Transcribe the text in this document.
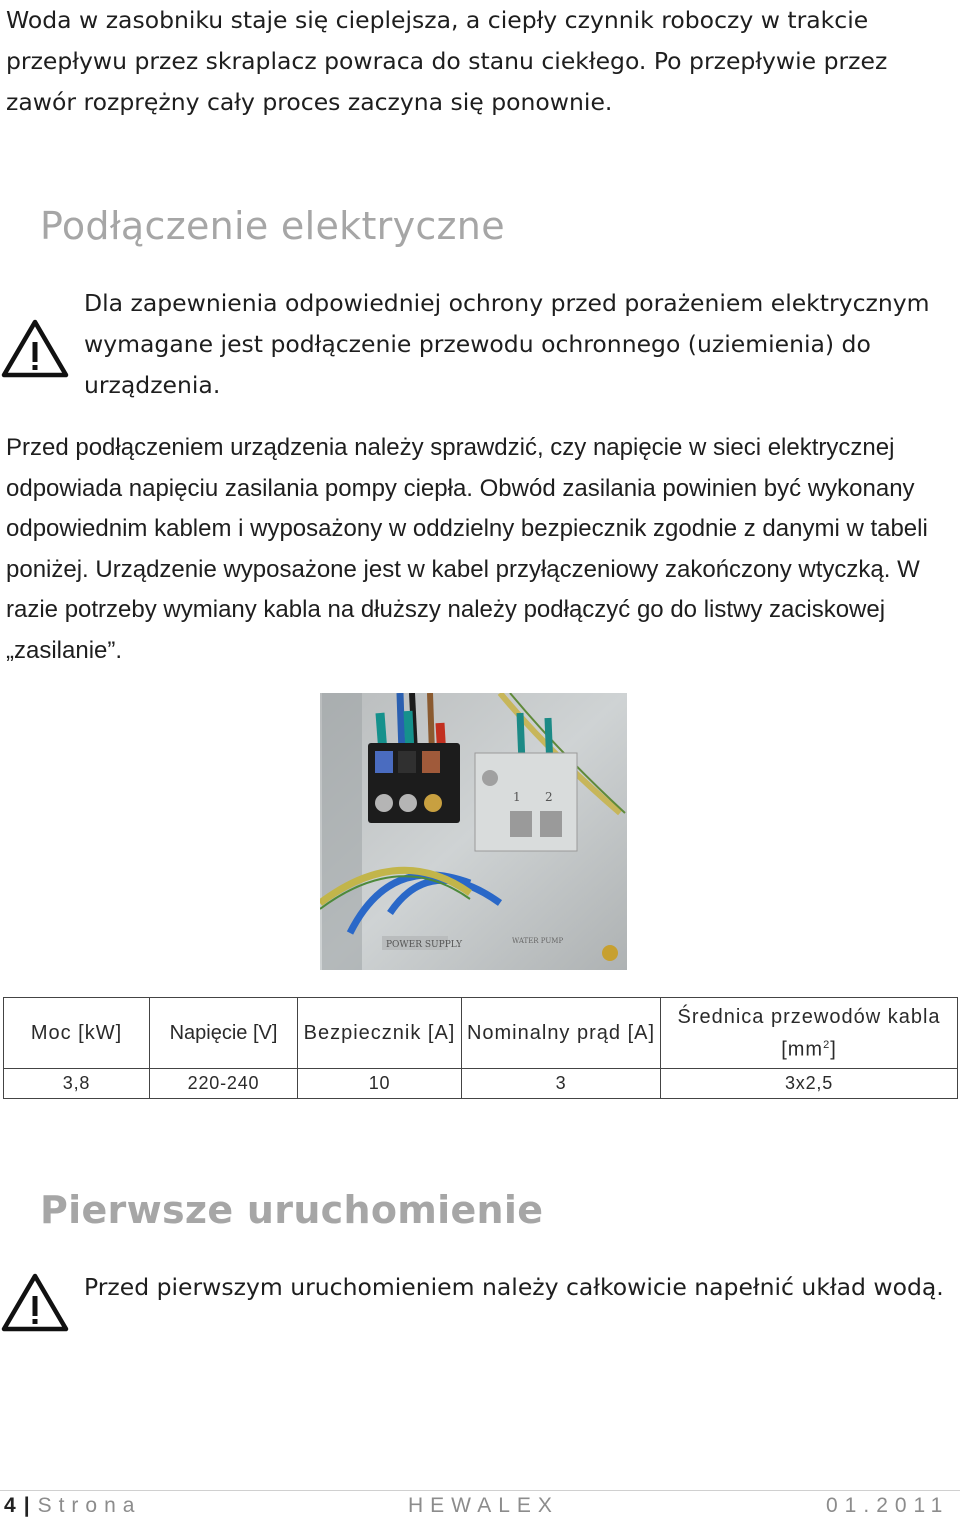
Woda w zasobniku staje się cieplejsza, a ciepły czynnik roboczy w trakcie przepływu przez skraplacz powraca do stanu ciekłego. Po przepływie przez zawór rozprężny cały proces zaczyna się ponownie.

Podłączenie elektryczne

Dla zapewnienia odpowiedniej ochrony przed porażeniem elektrycznym wymagane jest podłączenie przewodu ochronnego (uziemienia) do urządzenia.

Przed podłączeniem urządzenia należy sprawdzić, czy napięcie w sieci elektrycznej odpowiada napięciu zasilania pompy ciepła. Obwód zasilania powinien być wykonany odpowiednim kablem i wyposażony w oddzielny bezpiecznik zgodnie z danymi w tabeli poniżej. Urządzenie wyposażone jest w kabel przyłączeniowy zakończony wtyczką. W razie potrzeby wymiany kabla na dłuższy należy podłączyć go do listwy zaciskowej „zasilanie”.

1 2
POWER SUPPLY	WATER PUMP
Moc [kW]	Napięcie [V]	Bezpiecznik [A]	Nominalny prąd [A]	Średnica przewodów kabla $[mm^2]$
3,8	220-240	10	3	3x2,5
Pierwsze uruchomienie

Przed pierwszym uruchomieniem należy całkowicie napełnić układ wodą.

4 | Strona	HEWALEX	01.2011
